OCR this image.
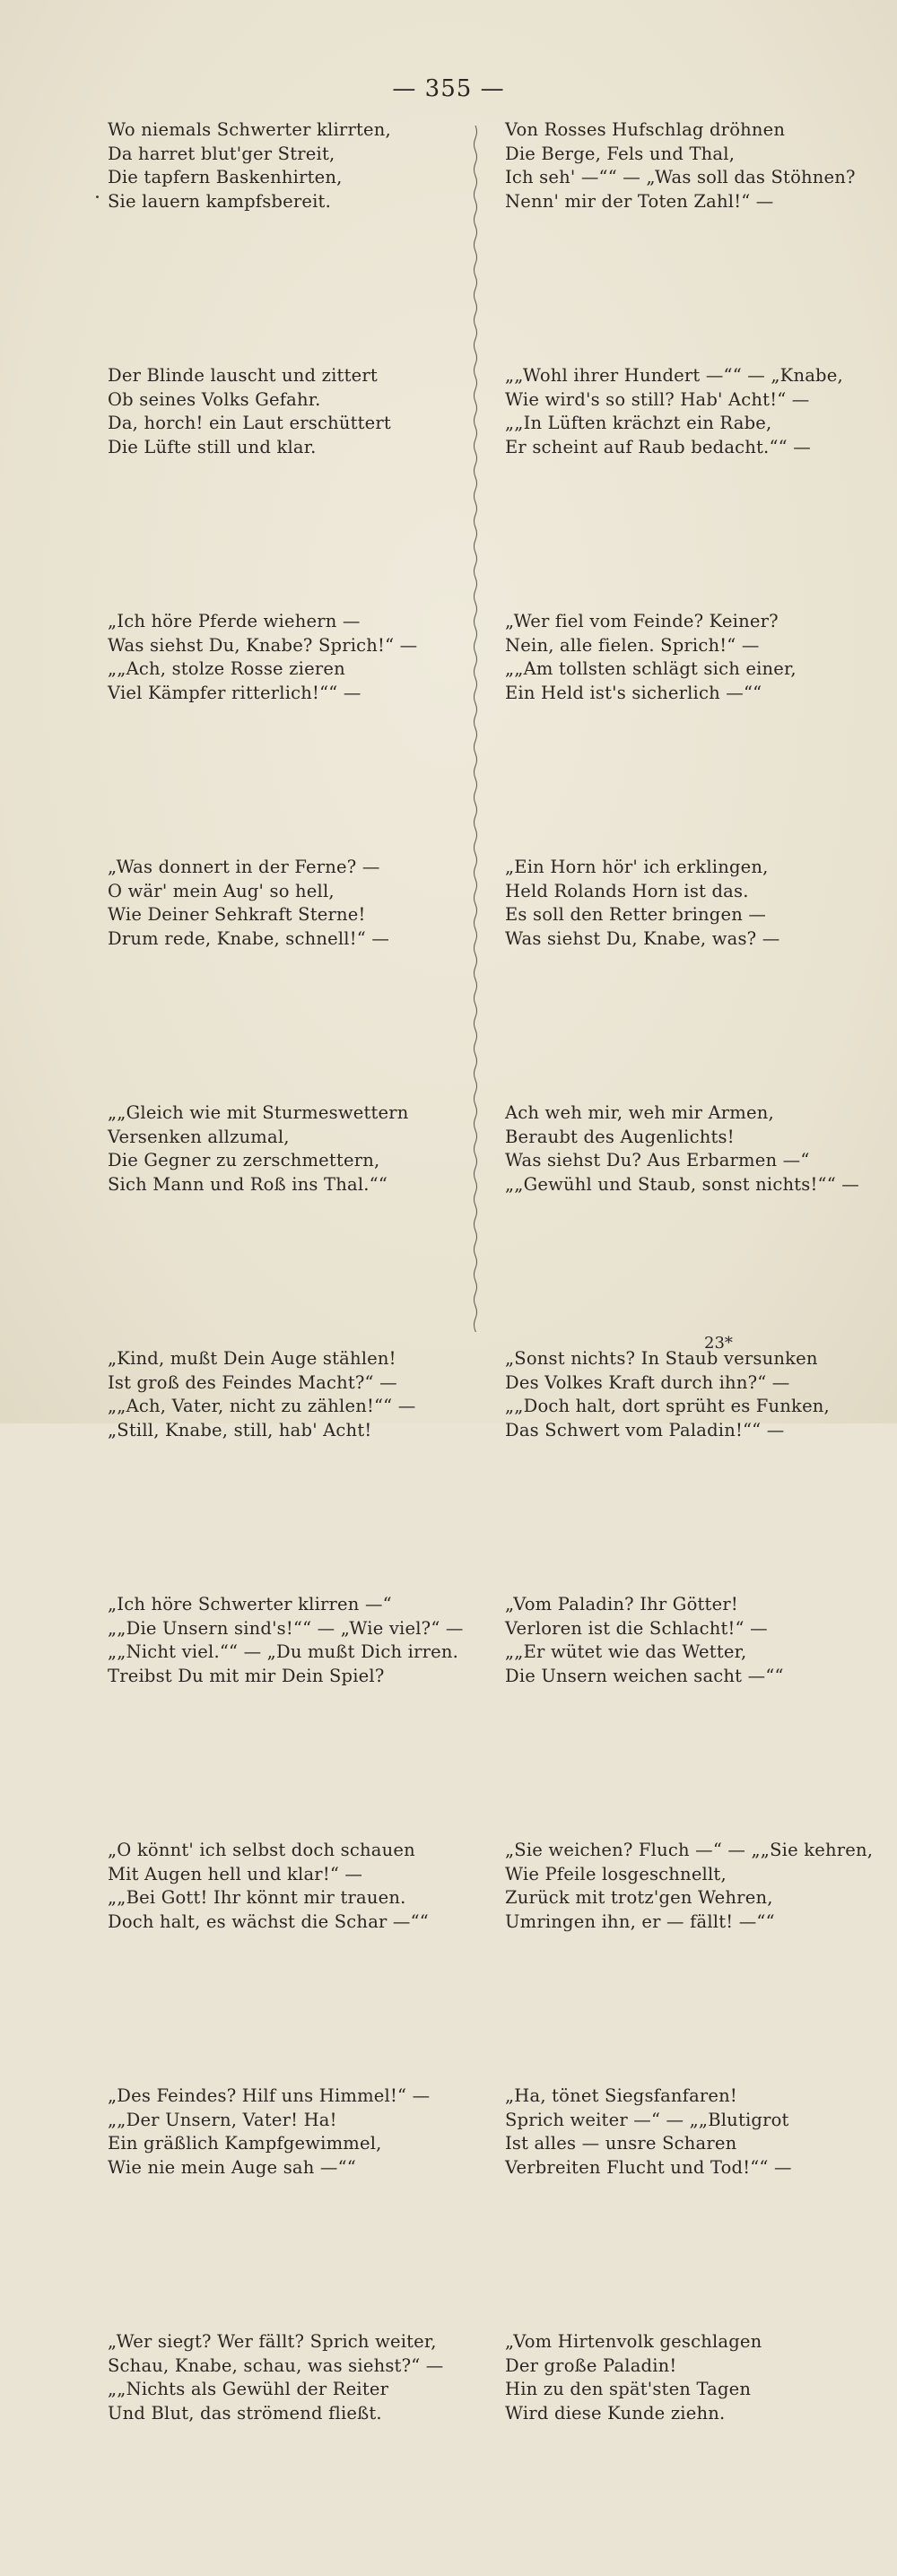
— 355 —
Wo niemals Schwerter klirrten,
Da harret blut'ger Streit,
Die tapfern Baskenhirten,
Sie lauern kampfsbereit.
Der Blinde lauscht und zittert
Ob seines Volks Gefahr.
Da, horch! ein Laut erschüttert
Die Lüfte still und klar.
„Ich höre Pferde wiehern —
Was siehst Du, Knabe? Sprich!“ —
„„Ach, stolze Rosse zieren
Viel Kämpfer ritterlich!““ —
„Was donnert in der Ferne? —
O wär' mein Aug' so hell,
Wie Deiner Sehkraft Sterne!
Drum rede, Knabe, schnell!“ —
„„Gleich wie mit Sturmeswettern
Versenken allzumal,
Die Gegner zu zerschmettern,
Sich Mann und Roß ins Thal.““
„Kind, mußt Dein Auge stählen!
Ist groß des Feindes Macht?“ —
„„Ach, Vater, nicht zu zählen!““ —
„Still, Knabe, still, hab' Acht!
„Ich höre Schwerter klirren —“
„„Die Unsern sind's!““ — „Wie viel?“ —
„„Nicht viel.““ — „Du mußt Dich irren.
Treibst Du mit mir Dein Spiel?
„O könnt' ich selbst doch schauen
Mit Augen hell und klar!“ —
„„Bei Gott! Ihr könnt mir trauen.
Doch halt, es wächst die Schar —““
„Des Feindes? Hilf uns Himmel!“ —
„„Der Unsern, Vater! Ha!
Ein gräßlich Kampfgewimmel,
Wie nie mein Auge sah —““
„Wer siegt? Wer fällt? Sprich weiter,
Schau, Knabe, schau, was siehst?“ —
„„Nichts als Gewühl der Reiter
Und Blut, das strömend fließt.
Von Rosses Hufschlag dröhnen
Die Berge, Fels und Thal,
Ich seh' —““ — „Was soll das Stöhnen?
Nenn' mir der Toten Zahl!“ —
„„Wohl ihrer Hundert —““ — „Knabe,
Wie wird's so still? Hab' Acht!“ —
„„In Lüften krächzt ein Rabe,
Er scheint auf Raub bedacht.““ —
„Wer fiel vom Feinde? Keiner?
Nein, alle fielen. Sprich!“ —
„„Am tollsten schlägt sich einer,
Ein Held ist's sicherlich —““
„Ein Horn hör' ich erklingen,
Held Rolands Horn ist das.
Es soll den Retter bringen —
Was siehst Du, Knabe, was? —
Ach weh mir, weh mir Armen,
Beraubt des Augenlichts!
Was siehst Du? Aus Erbarmen —“
„„Gewühl und Staub, sonst nichts!““ —
„Sonst nichts? In Staub versunken
Des Volkes Kraft durch ihn?“ —
„„Doch halt, dort sprüht es Funken,
Das Schwert vom Paladin!““ —
„Vom Paladin? Ihr Götter!
Verloren ist die Schlacht!“ —
„„Er wütet wie das Wetter,
Die Unsern weichen sacht —““
„Sie weichen? Fluch —“ — „„Sie kehren,
Wie Pfeile losgeschnellt,
Zurück mit trotz'gen Wehren,
Umringen ihn, er — fällt! —““
„Ha, tönet Siegsfanfaren!
Sprich weiter —“ — „„Blutigrot
Ist alles — unsre Scharen
Verbreiten Flucht und Tod!““ —
„Vom Hirtenvolk geschlagen
Der große Paladin!
Hin zu den spät'sten Tagen
Wird diese Kunde ziehn.
23*
